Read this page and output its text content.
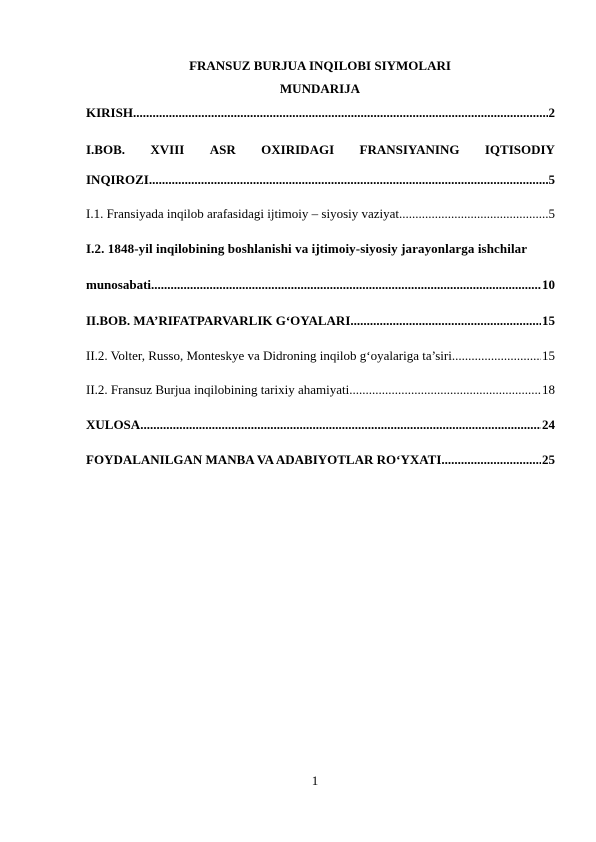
FRANSUZ BURJUA INQILOBI SIYMOLARI
MUNDARIJA
KIRISH .....	2
I.BOB. XVIII ASR OXIRIDAGI FRANSIYANING IQTISODIY
INQIROZI .....	5
I.1. Fransiyada inqilob arafasidagi ijtimoiy – siyosiy vaziyat .....	5
I.2. 1848-yil inqilobining boshlanishi va ijtimoiy-siyosiy jarayonlarga ishchilar
munosabati .....	10
II.BOB. MA’RIFATPARVARLIK G‘OYALARI .....	15
II.2. Volter, Russo, Monteskye va Didroning inqilob g‘oyalariga ta’siri .....	15
II.2. Fransuz Burjua inqilobining tarixiy ahamiyati .....	18
XULOSA .....	24
FOYDALANILGAN MANBA VA ADABIYOTLAR RO‘YXATI .....	25
1
